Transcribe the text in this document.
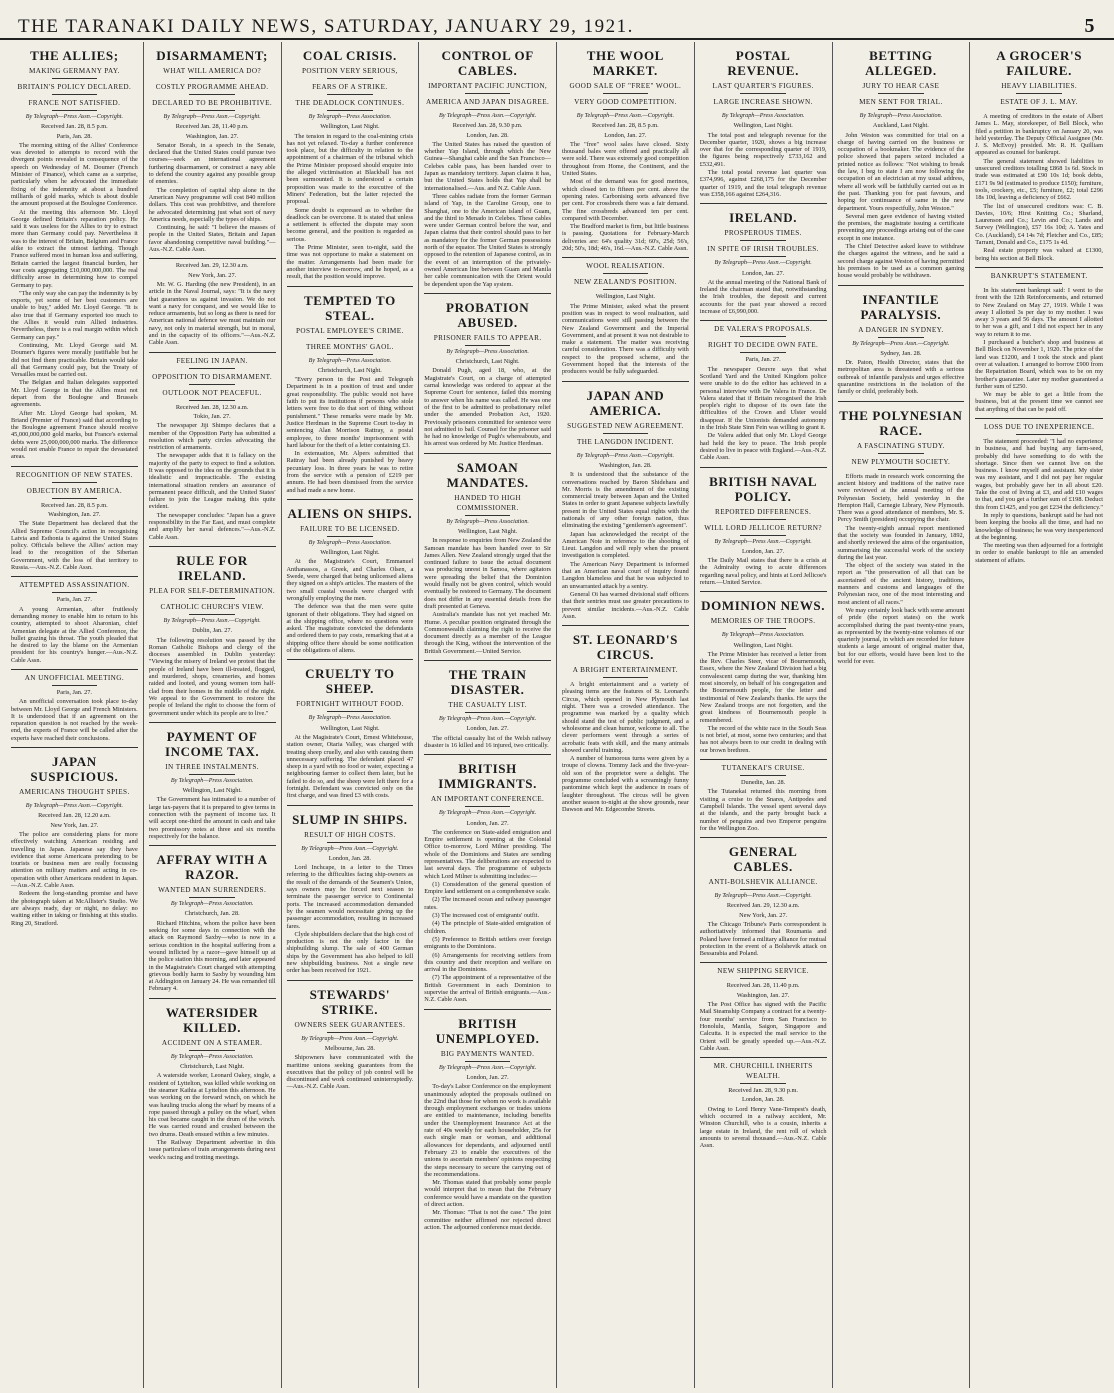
THE TARANAKI DAILY NEWS, SATURDAY, JANUARY 29, 1921.	5
THE ALLIES;
MAKING GERMANY PAY.
BRITAIN'S POLICY DECLARED.
FRANCE NOT SATISFIED.
By Telegraph—Press Assn.—Copyright.
Received Jan. 28, 8.5 p.m.
Paris, Jan. 28.

The morning sitting of the Allies' Conference was devoted to attempts to record with the divergent points revealed in consequence of the speech on Wednesday of M. Doumer (French Minister of Finance), which came as a surprise, particularly when he advocated the immediate fixing of the indemnity at about a hundred milliards of gold marks, which is about double the amount proposed at the Boulogne Conference.

At the meeting this afternoon Mr. Lloyd George defined Britain's reparation policy. He said it was useless for the Allies to try to extract more than Germany could pay. Nevertheless it was to the interest of Britain, Belgium and France alike to extract the utmost farthing. Though France suffered most in human loss and suffering, Britain carried the largest financial burden, her war costs aggregating £10,000,000,000. The real difficulty arose in determining how to compel Germany to pay.

"The only way she can pay the indemnity is by exports, yet some of her best customers are unable to buy," added Mr. Lloyd George. "It is also true that if Germany exported too much to the Allies it would ruin Allied industries. Nevertheless, there is a real margin within which Germany can pay."

Continuing, Mr. Lloyd George said M. Doumer's figures were morally justifiable but he did not find them practicable. Britain would take all that Germany could pay, but the Treaty of Versailles must be carried out.

The Belgian and Italian delegates supported Mr. Lloyd George in that the Allies must not depart from the Boulogne and Brussels agreements.

After Mr. Lloyd George had spoken, M. Briand (Premier of France) said that according to the Boulogne agreement France should receive 45,000,000,000 gold marks, but France's external debts were 25,000,000,000 marks. The difference would not enable France to repair the devastated areas.

RECOGNITION OF NEW STATES.
OBJECTION BY AMERICA.
Received Jan. 28, 8.5 p.m.
Washington, Jan. 27.

The State Department has declared that the Allied Supreme Council's action in recognising Latvia and Esthonia is against the United States policy. Officials believe the Allies' action may lead to the recognition of the Siberian Government, with the loss of that territory to Russia.—Aus.-N.Z. Cable Assn.

ATTEMPTED ASSASSINATION.
Paris, Jan. 27.

A young Armenian, after fruitlessly demanding money to enable him to return to his country, attempted to shoot Aharonian, chief Armenian delegate at the Allied Conference, the bullet grazing his throat. The youth pleaded that he desired to lay the blame on the Armenian president for his country's hunger.—Aus.-N.Z. Cable Assn.

AN UNOFFICIAL MEETING.
Paris, Jan. 27.

An unofficial conversation took place to-day between Mr. Lloyd George and French Ministers. It is understood that if an agreement on the reparation question is not reached by the week-end, the experts of France will be called after the experts have reached their conclusions.

JAPAN SUSPICIOUS.
AMERICANS THOUGHT SPIES.
By Telegraph—Press Assn.—Copyright.
Received Jan. 28, 12.20 a.m.
New York, Jan. 27.

The police are considering plans for more effectively watching American residing and travelling in Japan. Japanese say they have evidence that some Americans pretending to be tourists or business men are really focussing attention on military matters and acting in co-operation with other Americans resident in Japan.—Aus.-N.Z. Cable Assn.

Redeem the long-standing promise and have the photograph taken at McAllister's Studio. We are always ready, day or night, no delay: no waiting either in taking or finishing at this studio. Ring 20, Stratford.

DISARMAMENT;
WHAT WILL AMERICA DO?
COSTLY PROGRAMME AHEAD.
DECLARED TO BE PROHIBITIVE.
By Telegraph—Press Assn.—Copyright.
Received Jan. 28, 11.40 p.m.
Washington, Jan. 27.

Senator Borah, in a speech in the Senate, declared that the United States could pursue two courses—seek an international agreement furthering disarmament, or construct a navy able to defend the country against any possible group of enemies.

The completion of capital ship alone in the American Navy programme will cost 840 million dollars. This cost was prohibitive, and therefore he advocated determining just what sort of navy America needs, especially the types of ships.

Continuing, he said: "I believe the masses of people in the United States, Britain and Japan favor abandoning competitive naval building."—Aus.-N.Z. Cable Assn.

Received Jan. 29, 12.30 a.m.
New York, Jan. 27.

Mr. W. G. Harding (the new President), in an article in the Naval Journal, says: "It is the navy that guarantees us against invasion. We do not want a navy for conquest, and we would like to reduce armaments, but so long as there is need for American national defence we must maintain our navy, not only in material strength, but in moral, and in the capacity of its officers."—Aus.-N.Z. Cable Assn.

FEELING IN JAPAN.
OPPOSITION TO DISARMAMENT.
OUTLOOK NOT PEACEFUL.
Received Jan. 28, 12.30 a.m.
Tokio, Jan. 27.

The newspaper Jiji Shimpo declares that a member of the Opposition Party has submitted a resolution which party circles advocating the restriction of armaments.

The newspaper adds that it is fallacy on the majority of the party to expect to find a solution. It was opposed to the idea on the grounds that it is idealistic and impracticable. The existing international situation renders an assurance of permanent peace difficult, and the United States' failure to join the League making this quite evident.

The newspaper concludes: "Japan has a grave responsibility in the Far East, and must complete and amplify her naval defences."—Aus.-N.Z. Cable Assn.

RULE FOR IRELAND.
PLEA FOR SELF-DETERMINATION.
CATHOLIC CHURCH'S VIEW.
By Telegraph—Press Assn.—Copyright.
Dublin, Jan. 27.

The following resolution was passed by the Roman Catholic Bishops and clergy of the dioceses assembled in Dublin yesterday: "Viewing the misery of Ireland we protest that the people of Ireland have been ill-treated, flogged, and murdered, shops, creameries, and homes raided and looted, and young women torn half-clad from their homes in the middle of the night. We appeal to the Government to restore the people of Ireland the right to choose the form of government under which its people are to live."

PAYMENT OF INCOME TAX.
IN THREE INSTALMENTS.
By Telegraph—Press Association.
Wellington, Last Night.

The Government has intimated to a number of large tax-payers that it is prepared to give terms in connection with the payment of income tax. It will accept one-third the amount in cash and take two promissory notes at three and six months respectively for the balance.

AFFRAY WITH A RAZOR.
WANTED MAN SURRENDERS.
By Telegraph—Press Association.
Christchurch, Jan. 28.

Richard Hitchins, whom the police have been seeking for some days in connection with the attack on Raymond Saxby—who is now in a serious condition in the hospital suffering from a wound inflicted by a razor—gave himself up at the police station this morning, and later appeared in the Magistrate's Court charged with attempting grievous bodily harm to Saxby by wounding him at Addington on January 24. He was remanded till February 4.

WATERSIDER KILLED.
ACCIDENT ON A STEAMER.
By Telegraph—Press Association.
Christchurch, Last Night.

A waterside worker, Leonard Oakey, single, a resident of Lyttelton, was killed while working on the steamer Kaihia at Lyttelton this afternoon. He was working on the forward winch, on which he was hauling trucks along the wharf by means of a rope passed through a pulley on the wharf, when his coat became caught in the drum of the winch. He was carried round and crushed between the two drums. Death ensued within a few minutes.

The Railway Department advertise in this issue particulars of train arrangements during next week's racing and trotting meetings.

COAL CRISIS.
POSITION VERY SERIOUS,
FEARS OF A STRIKE.
THE DEADLOCK CONTINUES.
By Telegraph—Press Association.
Wellington, Last Night.

The tension in regard to the coal-mining crisis has not yet relaxed. To-day a further conference took place, but the difficulty in relation to the appointment of a chairman of the tribunal which the Prime Minister proposed should enquire into the alleged victimisation at Blackball has not been surmounted. It is understood a certain proposition was made to the executive of the Miners' Federation, but the latter rejected the proposal.

Some doubt is expressed as to whether the deadlock can be overcome. It is stated that unless a settlement is effected the dispute may soon become general, and the position is regarded as serious.

The Prime Minister, seen to-night, said the time was not opportune to make a statement on the matter. Arrangements had been made for another interview to-morrow, and he hoped, as a result, that the position would improve.

TEMPTED TO STEAL.
POSTAL EMPLOYEE'S CRIME.
THREE MONTHS' GAOL.
By Telegraph—Press Association.
Christchurch, Last Night.

"Every person in the Post and Telegraph Department is in a position of trust and under great responsibility. The public would not have faith to put its institutions if persons who stole letters were free to do that sort of thing without punishment." These remarks were made by Mr. Justice Herdman in the Supreme Court to-day in sentencing Alan Morrison Rattray, a postal employee, to three months' imprisonment with hard labour for the theft of a letter containing £3.

In extenuation, Mr. Alpers submitted that Rattray had been already punished by heavy pecuniary loss. In three years he was to retire from the service with a pension of £219 per annum. He had been dismissed from the service and had made a new home.

ALIENS ON SHIPS.
FAILURE TO BE LICENSED.
By Telegraph—Press Association.
Wellington, Last Night.

At the Magistrate's Court, Emmanuel Anthanassos, a Greek, and Charles Olsen, a Swede, were charged that being unlicensed aliens they signed on a ship's articles. The masters of the two small coastal vessels were charged with wrongfully employing the men.

The defence was that the men were quite ignorant of their obligations. They had signed on at the shipping office, where no questions were asked. The magistrate convicted the defendants and ordered them to pay costs, remarking that at a shipping office there should be some notification of the obligations of aliens.

CRUELTY TO SHEEP.
FORTNIGHT WITHOUT FOOD.
By Telegraph—Press Association.
Wellington, Last Night.

At the Magistrate's Court, Ernest Whitehouse, station owner, Otaria Valley, was charged with treating sheep cruelly, and also with causing them unnecessary suffering. The defendant placed 47 sheep in a yard with no food or water, expecting a neighbouring farmer to collect them later, but he failed to do so, and the sheep were left there for a fortnight. Defendant was convicted only on the first charge, and was fined £3 with costs.

SLUMP IN SHIPS.
RESULT OF HIGH COSTS.
By Telegraph—Press Assn.—Copyright.
London, Jan. 28.

Lord Inchcape, in a letter to the Times referring to the difficulties facing ship-owners as the result of the demands of the Seamen's Union, says owners may be forced next season to terminate the passenger service to Continental ports. The increased accommodation demanded by the seamen would necessitate giving up the passenger accommodation, resulting in increased fares.

Clyde shipbuilders declare that the high cost of production is not the only factor in the shipbuilding slump. The sale of 400 German ships by the Government has also helped to kill new shipbuilding business. Not a single new order has been received for 1921.

STEWARDS' STRIKE.
OWNERS SEEK GUARANTEES.
By Telegraph—Press Assn.—Copyright.
Melbourne, Jan. 28.

Shipowners have communicated with the maritime unions seeking guarantees from the executives that the policy of job control will be discontinued and work continued uninterruptedly.—Aus.-N.Z. Cable Assn.

CONTROL OF CABLES.
IMPORTANT PACIFIC JUNCTION,
AMERICA AND JAPAN DISAGREE.
By Telegraph—Press Assn.—Copyright.
Received Jan. 28, 9.30 p.m.
London, Jan. 28.

The United States has raised the question of whether Yap Island, through which the New Guinea—Shanghai cable and the San Francisco—Celebes cable pass, has been handed over to Japan as mandatory territory. Japan claims it has, but the United States holds that Yap shall be internationalised.—Aus. and N.Z. Cable Assn.

Three cables radiate from the former German island of Yap, in the Caroline Group, one to Shanghai, one to the American island of Guam, and the third to Menado in Celebes. These cables were under German control before the war, and Japan claims that their control should pass to her as mandatory for the former German possessions north of the equator. The United States is strongly opposed to the retention of Japanese control, as in the event of an interruption of the privately-owned American line between Guam and Manila her cable communication with the Orient would be dependent upon the Yap system.

PROBATION ABUSED.
PRISONER FAILS TO APPEAR.
By Telegraph—Press Association.
Christchurch, Last Night.

Donald Pugh, aged 18, who, at the Magistrate's Court, on a charge of attempted carnal knowledge was ordered to appear at the Supreme Court for sentence, failed this morning to answer when his name was called. He was one of the first to be admitted to probationary relief under the amended Probation Act, 1920. Previously prisoners committed for sentence were not admitted to bail. Counsel for the prisoner said he had no knowledge of Pugh's whereabouts, and his arrest was ordered by Mr. Justice Herdman.

SAMOAN MANDATES.
HANDED TO HIGH COMMISSIONER.
By Telegraph—Press Association.
Wellington, Last Night.

In response to enquiries from New Zealand the Samoan mandate has been handed over to Sir James Allen. New Zealand strongly urged that the continued failure to issue the actual document was producing unrest in Samoa, where agitators were spreading the belief that the Dominion would finally not be given control, which would eventually be restored to Germany. The document does not differ in any essential details from the draft presented at Geneva.

Australia's mandate has not yet reached Mr. Hume. A peculiar position originated through the Commonwealth claiming the right to receive the document directly as a member of the League through the King, without the intervention of the British Government.—United Service.

THE TRAIN DISASTER.
THE CASUALTY LIST.
By Telegraph—Press Assn.—Copyright.
London, Jan. 27.

The official casualty list of the Welsh railway disaster is 16 killed and 16 injured, two critically.

BRITISH IMMIGRANTS.
AN IMPORTANT CONFERENCE.
By Telegraph—Press Assn.—Copyright.
London, Jan. 27.

The conference on State-aided emigration and Empire settlement is opening at the Colonial Office to-morrow, Lord Milner presiding. The whole of the Dominions and States are sending representatives. The deliberations are expected to last several days. The programme of subjects which Lord Milner is submitting includes:—

(1) Consideration of the general question of Empire land settlement on a comprehensive scale.

(2) The increased ocean and railway passenger rates.

(3) The increased cost of emigrants' outfit.

(4) The principle of State-aided emigration of children.

(5) Preference to British settlers over foreign emigrants to the Dominions.

(6) Arrangements for receiving settlers from this country and their reception and welfare on arrival in the Dominions.

(7) The appointment of a representative of the British Government in each Dominion to supervise the arrival of British emigrants.—Aus.-N.Z. Cable Assn.

BRITISH UNEMPLOYED.
BIG PAYMENTS WANTED.
By Telegraph—Press Assn.—Copyright.
London, Jan. 27.

To-day's Labor Conference on the employment unanimously adopted the proposals outlined on the 22nd that those for whom no work is available through employment exchanges or trades unions are entitled to maintenance, including benefits under the Unemployment Insurance Act at the rate of 40s weekly for each householder, 25s for each single man or woman, and additional allowances for dependants, and adjourned until February 23 to enable the executives of the unions to ascertain members' opinions respecting the steps necessary to secure the carrying out of the recommendations.

Mr. Thomas stated that probably some people would interpret that to mean that the February conference would have a mandate on the question of direct action.

Mr. Thomas: "That is not the case." The joint committee neither affirmed nor rejected direct action. The adjourned conference must decide.

THE WOOL MARKET.
GOOD SALE OF "FREE" WOOL.
VERY GOOD COMPETITION.
By Telegraph—Press Assn.—Copyright.
Received Jan. 28, 8.5 p.m.
London, Jan. 27.

The "free" wool sales have closed. Sixty thousand bales were offered and practically all were sold. There was extremely good competition throughout from Home, the Continent, and the United States.

Most of the demand was for good merinos, which closed ten to fifteen per cent. above the opening rates. Carbonising sorts advanced five per cent. For crossbreds there was a fair demand. The fine crossbreds advanced ten per cent. compared with December.

The Bradford market is firm, but little business is passing. Quotations for February-March deliveries are: 64's quality 31d; 60's, 25d; 56's, 20d; 50's, 18d; 46's, 16d.—Aus.-N.Z. Cable Assn.

WOOL REALISATION.
NEW ZEALAND'S POSITION.
Wellington, Last Night.

The Prime Minister, asked what the present position was in respect to wool realisation, said communications were still passing between the New Zealand Government and the Imperial Government, and at present it was not desirable to make a statement. The matter was receiving careful consideration. There was a difficulty with respect to the proposed scheme, and the Government hoped that the interests of the producers would be fully safeguarded.

JAPAN AND AMERICA.
SUGGESTED NEW AGREEMENT.
THE LANGDON INCIDENT.
By Telegraph—Press Assn.—Copyright.
Washington, Jan. 28.

It is understood that the substance of the conversations reached by Baron Shidehara and Mr. Morris is the amendment of the existing commercial treaty between Japan and the United States in order to grant Japanese subjects lawfully present in the United States equal rights with the nationals of any other foreign nation, thus eliminating the existing "gentlemen's agreement".

Japan has acknowledged the receipt of the American Note in reference to the shooting of Lieut. Langdon and will reply when the present investigation is completed.

The American Navy Department is informed that an American naval court of inquiry found Langdon blameless and that he was subjected to an unwarranted attack by a sentry.

General Oi has warned divisional staff officers that their sentries must use greater precautions to prevent similar incidents.—Aus.-N.Z. Cable Assn.

ST. LEONARD'S CIRCUS.
A BRIGHT ENTERTAINMENT.

A bright entertainment and a variety of pleasing items are the features of St. Leonard's Circus, which opened in New Plymouth last night. There was a crowded attendance. The programme was marked by a quality which should stand the test of public judgment, and a wholesome and clean humor, welcome to all. The clever performers went through a series of acrobatic feats with skill, and the many animals showed careful training.

A number of humorous turns were given by a troupe of clowns. Tommy Jack and the five-year-old son of the proprietor were a delight. The programme concluded with a screamingly funny pantomime which kept the audience in roars of laughter throughout. The circus will be given another season to-night at the show grounds, near Dawson and Mr. Edgecombe Streets.

POSTAL REVENUE.
LAST QUARTER'S FIGURES.
LARGE INCREASE SHOWN.
By Telegraph—Press Association.
Wellington, Last Night.

The total post and telegraph revenue for the December quarter, 1920, shows a big increase over that for the corresponding quarter of 1919, the figures being respectively £733,162 and £532,491.

The total postal revenue last quarter was £374,996, against £268,175 for the December quarter of 1919, and the total telegraph revenue was £358,166 against £264,316.

IRELAND.
PROSPEROUS TIMES.
IN SPITE OF IRISH TROUBLES.
By Telegraph—Press Assn.—Copyright.
London, Jan. 27.

At the annual meeting of the National Bank of Ireland the chairman stated that, notwithstanding the Irish troubles, the deposit and current accounts for the past year showed a record increase of £6,990,000.

DE VALERA'S PROPOSALS.
RIGHT TO DECIDE OWN FATE.
Paris, Jan. 27.

The newspaper Oeuvre says that what Scotland Yard and the United Kingdom police were unable to do the editor has achieved in a personal interview with De Valera in France. De Valera stated that if Britain recognised the Irish people's right to dispose of its own fate the difficulties of the Crown and Ulster would disappear. If the Unionists demanded autonomy in the Irish State Sinn Fein was willing to grant it.

De Valera added that only Mr. Lloyd George had held the key to peace. The Irish people desired to live in peace with England.—Aus.-N.Z. Cable Assn.

BRITISH NAVAL POLICY.
REPORTED DIFFERENCES.
WILL LORD JELLICOE RETURN?
By Telegraph—Press Assn.—Copyright.
London, Jan. 27.

The Daily Mail states that there is a crisis at the Admiralty owing to acute differences regarding naval policy, and hints at Lord Jellicoe's return.—United Service.

DOMINION NEWS.
MEMORIES OF THE TROOPS.
By Telegraph—Press Association.
Wellington, Last Night.

The Prime Minister has received a letter from the Rev. Charles Steer, vicar of Bournemouth, Essex, where the New Zealand Division had a big convalescent camp during the war, thanking him most sincerely, on behalf of his congregation and the Bournemouth people, for the letter and testimonial of New Zealand's thanks. He says the New Zealand troops are not forgotten, and the great kindness of Bournemouth people is remembered.

The record of the white race in the South Seas is not brief, at most, some two centuries; and that has not always been to our credit in dealing with our brown brethren.

TUTANEKAI'S CRUISE.
Dunedin, Jan. 28.

The Tutanekai returned this morning from visiting a cruise to the Snares, Antipodes and Campbell Islands. The vessel spent several days at the islands, and the party brought back a number of penguins and two Emperor penguins for the Wellington Zoo.

GENERAL CABLES.
ANTI-BOLSHEVIK ALLIANCE.
By Telegraph—Press Assn.—Copyright.
Received Jan. 29, 12.30 a.m.
New York, Jan. 27.

The Chicago Tribune's Paris correspondent is authoritatively informed that Roumania and Poland have formed a military alliance for mutual protection in the event of a Bolshevik attack on Bessarabia and Poland.

NEW SHIPPING SERVICE.
Received Jan. 28, 11.40 p.m.
Washington, Jan. 27.

The Post Office has signed with the Pacific Mail Steamship Company a contract for a twenty-four months' service from San Francisco to Honolulu, Manila, Saigon, Singapore and Calcutta. It is expected the mail service to the Orient will be greatly speeded up.—Aus.-N.Z. Cable Assn.

MR. CHURCHILL INHERITS WEALTH.
Received Jan. 28, 9.30 p.m.
London, Jan. 28.

Owing to Lord Henry Vane-Tempest's death, which occurred in a railway accident, Mr. Winston Churchill, who is a cousin, inherits a large estate in Ireland, the rent roll of which amounts to several thousand.—Aus.-N.Z. Cable Assn.

BETTING ALLEGED.
JURY TO HEAR CASE
MEN SENT FOR TRIAL.
By Telegraph—Press Association.
Auckland, Last Night.

John Weston was committed for trial on a charge of having carried on the business or occupation of a bookmaker. The evidence of the police showed that papers seized included a printed notice as follows: "Not wishing to break the law, I beg to state I am now following the occupation of an electrician at my usual address, where all work will be faithfully carried out as in the past. Thanking you for past favours, and hoping for continuance of same in the new department. Yours respectfully, John Weston."

Several men gave evidence of having visited the premises, the magistrate issuing a certificate preventing any proceedings arising out of the case except in one instance.

The Chief Detective asked leave to withdraw the charges against the witness, and he said a second charge against Weston of having permitted his premises to be used as a common gaming house would probably be withdrawn.

INFANTILE PARALYSIS.
A DANGER IN SYDNEY.
By Telegraph—Press Assn.—Copyright.
Sydney, Jan. 28.

Dr. Paton, Health Director, states that the metropolitan area is threatened with a serious outbreak of infantile paralysis and urges effective quarantine restrictions in the isolation of the family or child, preferably both.

THE POLYNESIAN RACE.
A FASCINATING STUDY.
NEW PLYMOUTH SOCIETY.

Efforts made in research work concerning the ancient history and traditions of the native race were reviewed at the annual meeting of the Polynesian Society, held yesterday in the Hempton Hall, Carnegie Library, New Plymouth. There was a good attendance of members, Mr. S. Percy Smith (president) occupying the chair.

The twenty-eighth annual report mentioned that the society was founded in January, 1892, and shortly reviewed the aims of the organisation, summarising the successful work of the society during the last year.

The object of the society was stated in the report as "the preservation of all that can be ascertained of the ancient history, traditions, manners and customs and languages of the Polynesian race, one of the most interesting and most ancient of all races."

We may certainly look back with some amount of pride (the report states) on the work accomplished during the past twenty-nine years, as represented by the twenty-nine volumes of our quarterly journal, in which are recorded for future students a large amount of original matter that, but for our efforts, would have been lost to the world for ever.

A GROCER'S FAILURE.
HEAVY LIABILITIES.
ESTATE OF J. L. MAY.

A meeting of creditors in the estate of Albert James L. May, storekeeper, of Bell Block, who filed a petition in bankruptcy on January 20, was held yesterday. The Deputy Official Assignee (Mr. J. S. McEvoy) presided. Mr. R. H. Quilliam appeared as counsel for bankrupt.

The general statement showed liabilities to unsecured creditors totalling £868 1s 6d. Stock in trade was estimated at £90 10s 1d; book debts, £171 9s 9d (estimated to produce £150); furniture, tools, crockery, etc., £5; furniture, £2; total £296 18s 10d, leaving a deficiency of £662.

The list of unsecured creditors was: C. B. Davies, 10/6; Hirst Knitting Co.; Sharland, Laurenson and Co.; Levin and Co.; Lands and Survey (Wellington), £57 16s 10d; A. Yates and Co. (Auckland), £4 14s 7d; Fletcher and Co., £85; Tarrant, Donald and Co., £175 1s 4d.

Real estate property was valued at £1300, being his section at Bell Block.

BANKRUPT'S STATEMENT.

In his statement bankrupt said: I went to the front with the 12th Reinforcements, and returned to New Zealand on May 27, 1919. While I was away I allotted 3s per day to my mother. I was away 3 years and 56 days. The amount I allotted to her was a gift, and I did not expect her in any way to return it to me.

I purchased a butcher's shop and business at Bell Block on November 1, 1920. The price of the land was £1200, and I took the stock and plant over at valuation. I arranged to borrow £900 from the Repatriation Board, which was to be on my brother's guarantee. Later my mother guaranteed a further sum of £250.

We may be able to get a little from the business, but at the present time we cannot see that anything of that can be paid off.

LOSS DUE TO INEXPERIENCE.

The statement proceeded: "I had no experience in business, and had buying any farm-seed, probably did have something to do with the shortage. Since then we cannot live on the business. I know myself and assistant. My sister was my assistant, and I did not pay her regular wages, but probably gave her in all about £20. Take the cost of living at £3, and add £10 wages to that, and you get a further sum of £198. Deduct this from £1425, and you get £234 the deficiency."

In reply to questions, bankrupt said he had not been keeping the books all the time, and had no knowledge of business; he was very inexperienced at the beginning.

The meeting was then adjourned for a fortnight in order to enable bankrupt to file an amended statement of affairs.
